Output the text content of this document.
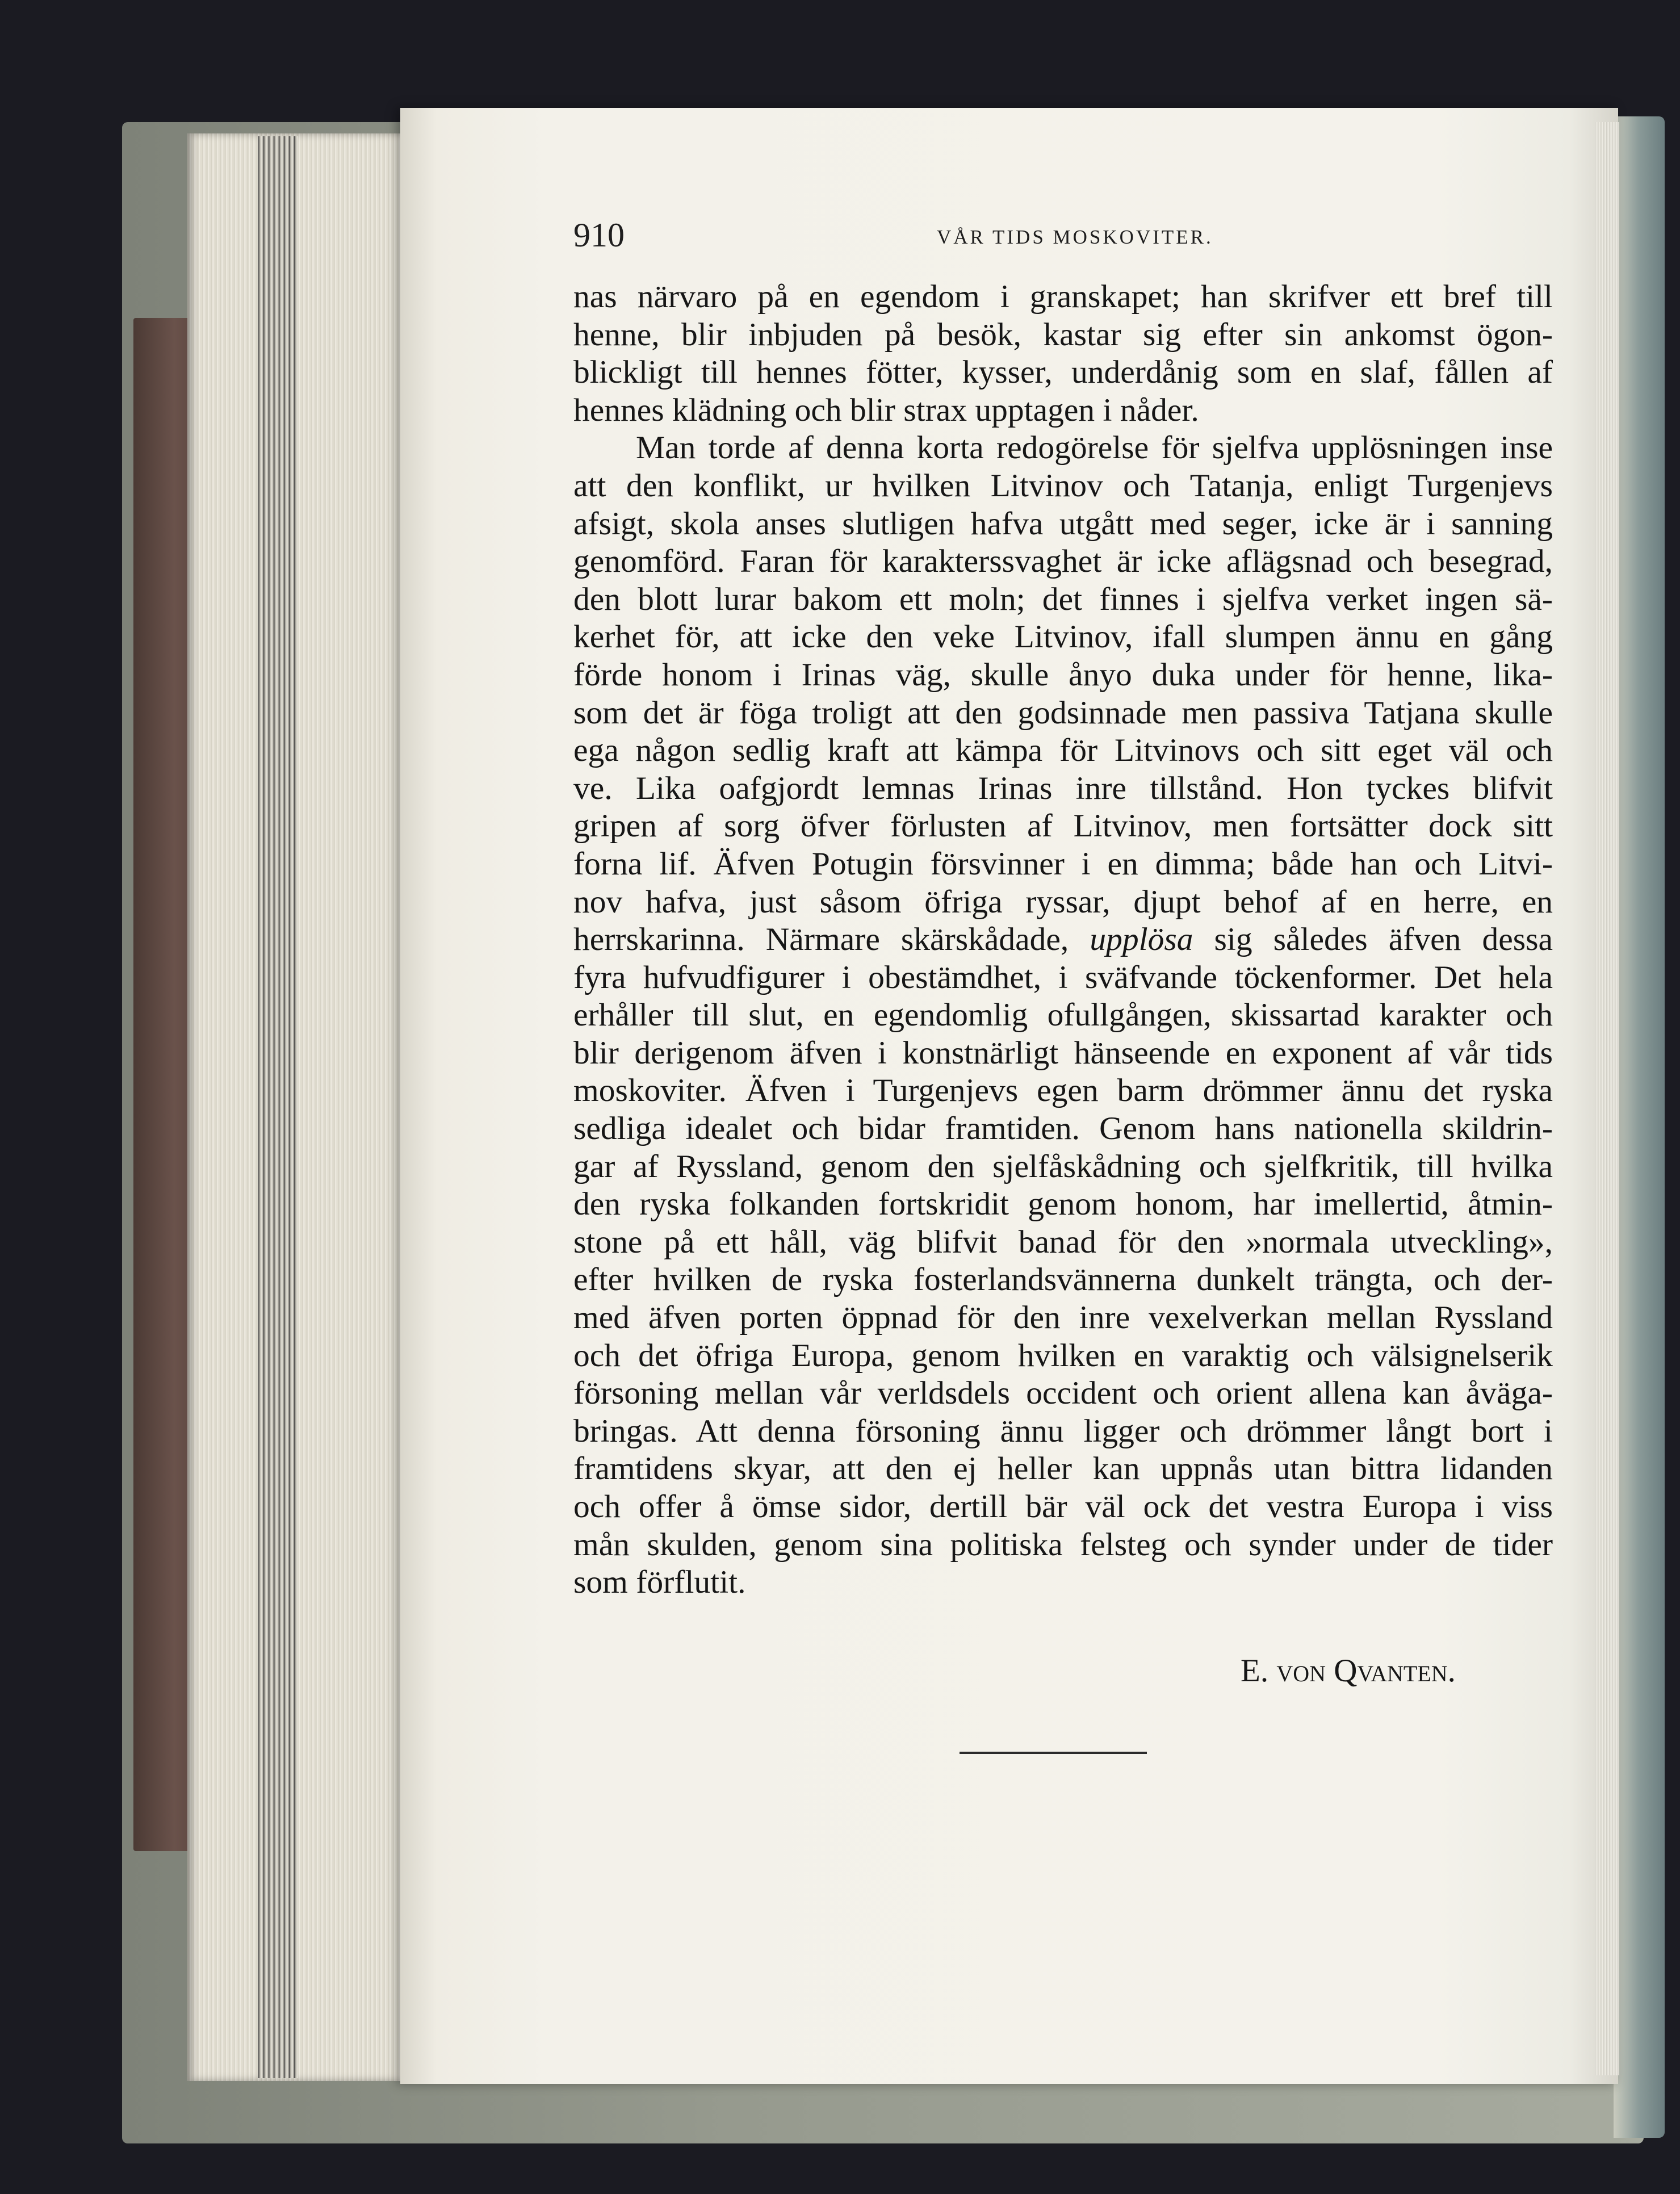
910	VÅR TIDS MOSKOVITER.
nas närvaro på en egendom i granskapet; han skrifver ett bref till
henne, blir inbjuden på besök, kastar sig efter sin ankomst ögon-
blickligt till hennes fötter, kysser, underdånig som en slaf, fållen af
hennes klädning och blir strax upptagen i nåder.
Man torde af denna korta redogörelse för sjelfva upplösningen inse
att den konflikt, ur hvilken Litvinov och Tatanja, enligt Turgenjevs
afsigt, skola anses slutligen hafva utgått med seger, icke är i sanning
genomförd. Faran för karakterssvaghet är icke aflägsnad och besegrad,
den blott lurar bakom ett moln; det finnes i sjelfva verket ingen sä-
kerhet för, att icke den veke Litvinov, ifall slumpen ännu en gång
förde honom i Irinas väg, skulle ånyo duka under för henne, lika-
som det är föga troligt att den godsinnade men passiva Tatjana skulle
ega någon sedlig kraft att kämpa för Litvinovs och sitt eget väl och
ve. Lika oafgjordt lemnas Irinas inre tillstånd. Hon tyckes blifvit
gripen af sorg öfver förlusten af Litvinov, men fortsätter dock sitt
forna lif. Äfven Potugin försvinner i en dimma; både han och Litvi-
nov hafva, just såsom öfriga ryssar, djupt behof af en herre, en
herrskarinna. Närmare skärskådade, upplösa sig således äfven dessa
fyra hufvudfigurer i obestämdhet, i sväfvande töckenformer. Det hela
erhåller till slut, en egendomlig ofullgången, skissartad karakter och
blir derigenom äfven i konstnärligt hänseende en exponent af vår tids
moskoviter. Äfven i Turgenjevs egen barm drömmer ännu det ryska
sedliga idealet och bidar framtiden. Genom hans nationella skildrin-
gar af Ryssland, genom den sjelfåskådning och sjelfkritik, till hvilka
den ryska folkanden fortskridit genom honom, har imellertid, åtmin-
stone på ett håll, väg blifvit banad för den »normala utveckling»,
efter hvilken de ryska fosterlandsvännerna dunkelt trängta, och der-
med äfven porten öppnad för den inre vexelverkan mellan Ryssland
och det öfriga Europa, genom hvilken en varaktig och välsignelserik
försoning mellan vår verldsdels occident och orient allena kan åväga-
bringas. Att denna försoning ännu ligger och drömmer långt bort i
framtidens skyar, att den ej heller kan uppnås utan bittra lidanden
och offer å ömse sidor, dertill bär väl ock det vestra Europa i viss
mån skulden, genom sina politiska felsteg och synder under de tider
som förflutit.
E. von Qvanten.
